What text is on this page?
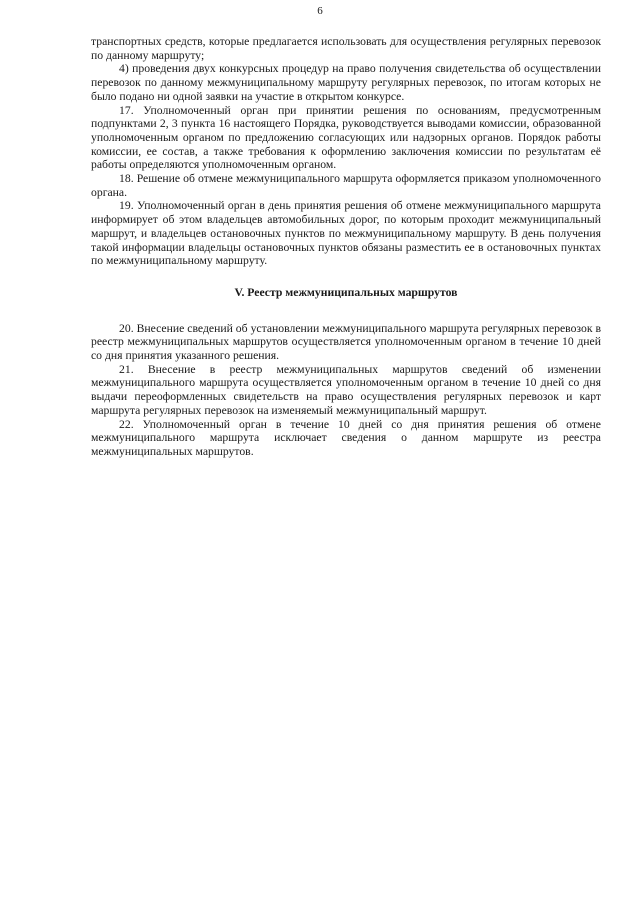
6

транспортных средств, которые предлагается использовать для осуществления регулярных перевозок по данному маршруту;

4) проведения двух конкурсных процедур на право получения свидетельства об осуществлении перевозок по данному межмуниципальному маршруту регулярных перевозок, по итогам которых не было подано ни одной заявки на участие в открытом конкурсе.

17. Уполномоченный орган при принятии решения по основаниям, предусмотренным подпунктами 2, 3 пункта 16 настоящего Порядка, руководствуется выводами комиссии, образованной уполномоченным органом по предложению согласующих или надзорных органов. Порядок работы комиссии, ее состав, а также требования к оформлению заключения комиссии по результатам её работы определяются уполномоченным органом.

18. Решение об отмене межмуниципального маршрута оформляется приказом уполномоченного органа.

19. Уполномоченный орган в день принятия решения об отмене межмуниципального маршрута информирует об этом владельцев автомобильных дорог, по которым проходит межмуниципальный маршрут, и владельцев остановочных пунктов по межмуниципальному маршруту. В день получения такой информации владельцы остановочных пунктов обязаны разместить ее в остановочных пунктах по межмуниципальному маршруту.

V. Реестр межмуниципальных маршрутов

20. Внесение сведений об установлении межмуниципального маршрута регулярных перевозок в реестр межмуниципальных маршрутов осуществляется уполномоченным органом в течение 10 дней со дня принятия указанного решения.

21. Внесение в реестр межмуниципальных маршрутов сведений об изменении межмуниципального маршрута осуществляется уполномоченным органом в течение 10 дней со дня выдачи переоформленных свидетельств на право осуществления регулярных перевозок и карт маршрута регулярных перевозок на изменяемый межмуниципальный маршрут.

22. Уполномоченный орган в течение 10 дней со дня принятия решения об отмене межмуниципального маршрута исключает сведения о данном маршруте из реестра межмуниципальных маршрутов.
